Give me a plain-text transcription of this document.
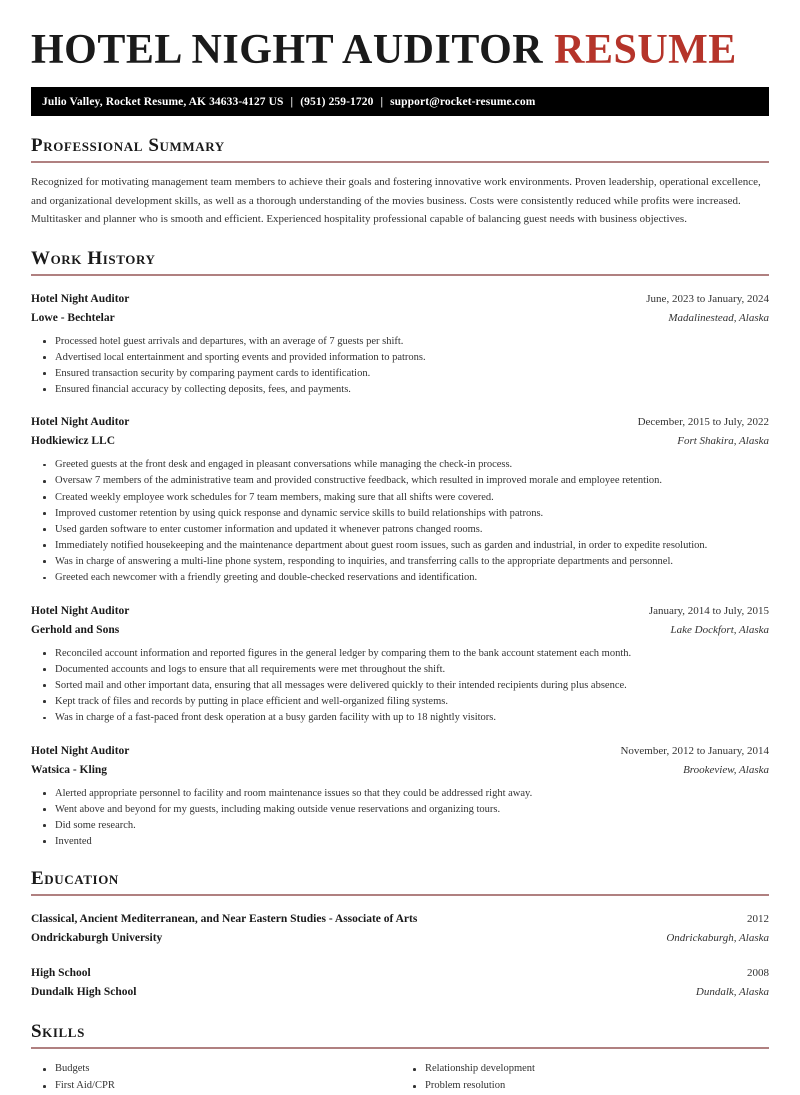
HOTEL NIGHT AUDITOR RESUME
Julio Valley, Rocket Resume, AK 34633-4127 US | (951) 259-1720 | support@rocket-resume.com
Professional Summary

Recognized for motivating management team members to achieve their goals and fostering innovative work environments. Proven leadership, operational excellence, and organizational development skills, as well as a thorough understanding of the movies business. Costs were consistently reduced while profits were increased. Multitasker and planner who is smooth and efficient. Experienced hospitality professional capable of balancing guest needs with business objectives.

Work History
Hotel Night Auditor	June, 2023 to January, 2024
Lowe - Bechtelar	Madalinestead, Alaska
Processed hotel guest arrivals and departures, with an average of 7 guests per shift.
Advertised local entertainment and sporting events and provided information to patrons.
Ensured transaction security by comparing payment cards to identification.
Ensured financial accuracy by collecting deposits, fees, and payments.
Hotel Night Auditor	December, 2015 to July, 2022
Hodkiewicz LLC	Fort Shakira, Alaska
Greeted guests at the front desk and engaged in pleasant conversations while managing the check-in process.
Oversaw 7 members of the administrative team and provided constructive feedback, which resulted in improved morale and employee retention.
Created weekly employee work schedules for 7 team members, making sure that all shifts were covered.
Improved customer retention by using quick response and dynamic service skills to build relationships with patrons.
Used garden software to enter customer information and updated it whenever patrons changed rooms.
Immediately notified housekeeping and the maintenance department about guest room issues, such as garden and industrial, in order to expedite resolution.
Was in charge of answering a multi-line phone system, responding to inquiries, and transferring calls to the appropriate departments and personnel.
Greeted each newcomer with a friendly greeting and double-checked reservations and identification.
Hotel Night Auditor	January, 2014 to July, 2015
Gerhold and Sons	Lake Dockfort, Alaska
Reconciled account information and reported figures in the general ledger by comparing them to the bank account statement each month.
Documented accounts and logs to ensure that all requirements were met throughout the shift.
Sorted mail and other important data, ensuring that all messages were delivered quickly to their intended recipients during plus absence.
Kept track of files and records by putting in place efficient and well-organized filing systems.
Was in charge of a fast-paced front desk operation at a busy garden facility with up to 18 nightly visitors.
Hotel Night Auditor	November, 2012 to January, 2014
Watsica - Kling	Brookeview, Alaska
Alerted appropriate personnel to facility and room maintenance issues so that they could be addressed right away.
Went above and beyond for my guests, including making outside venue reservations and organizing tours.
Did some research.
Invented
Education
Classical, Ancient Mediterranean, and Near Eastern Studies - Associate of Arts	2012
Ondrickaburgh University	Ondrickaburgh, Alaska
High School	2008
Dundalk High School	Dundalk, Alaska
Skills
Budgets
First Aid/CPR
Relationship development
Problem resolution
